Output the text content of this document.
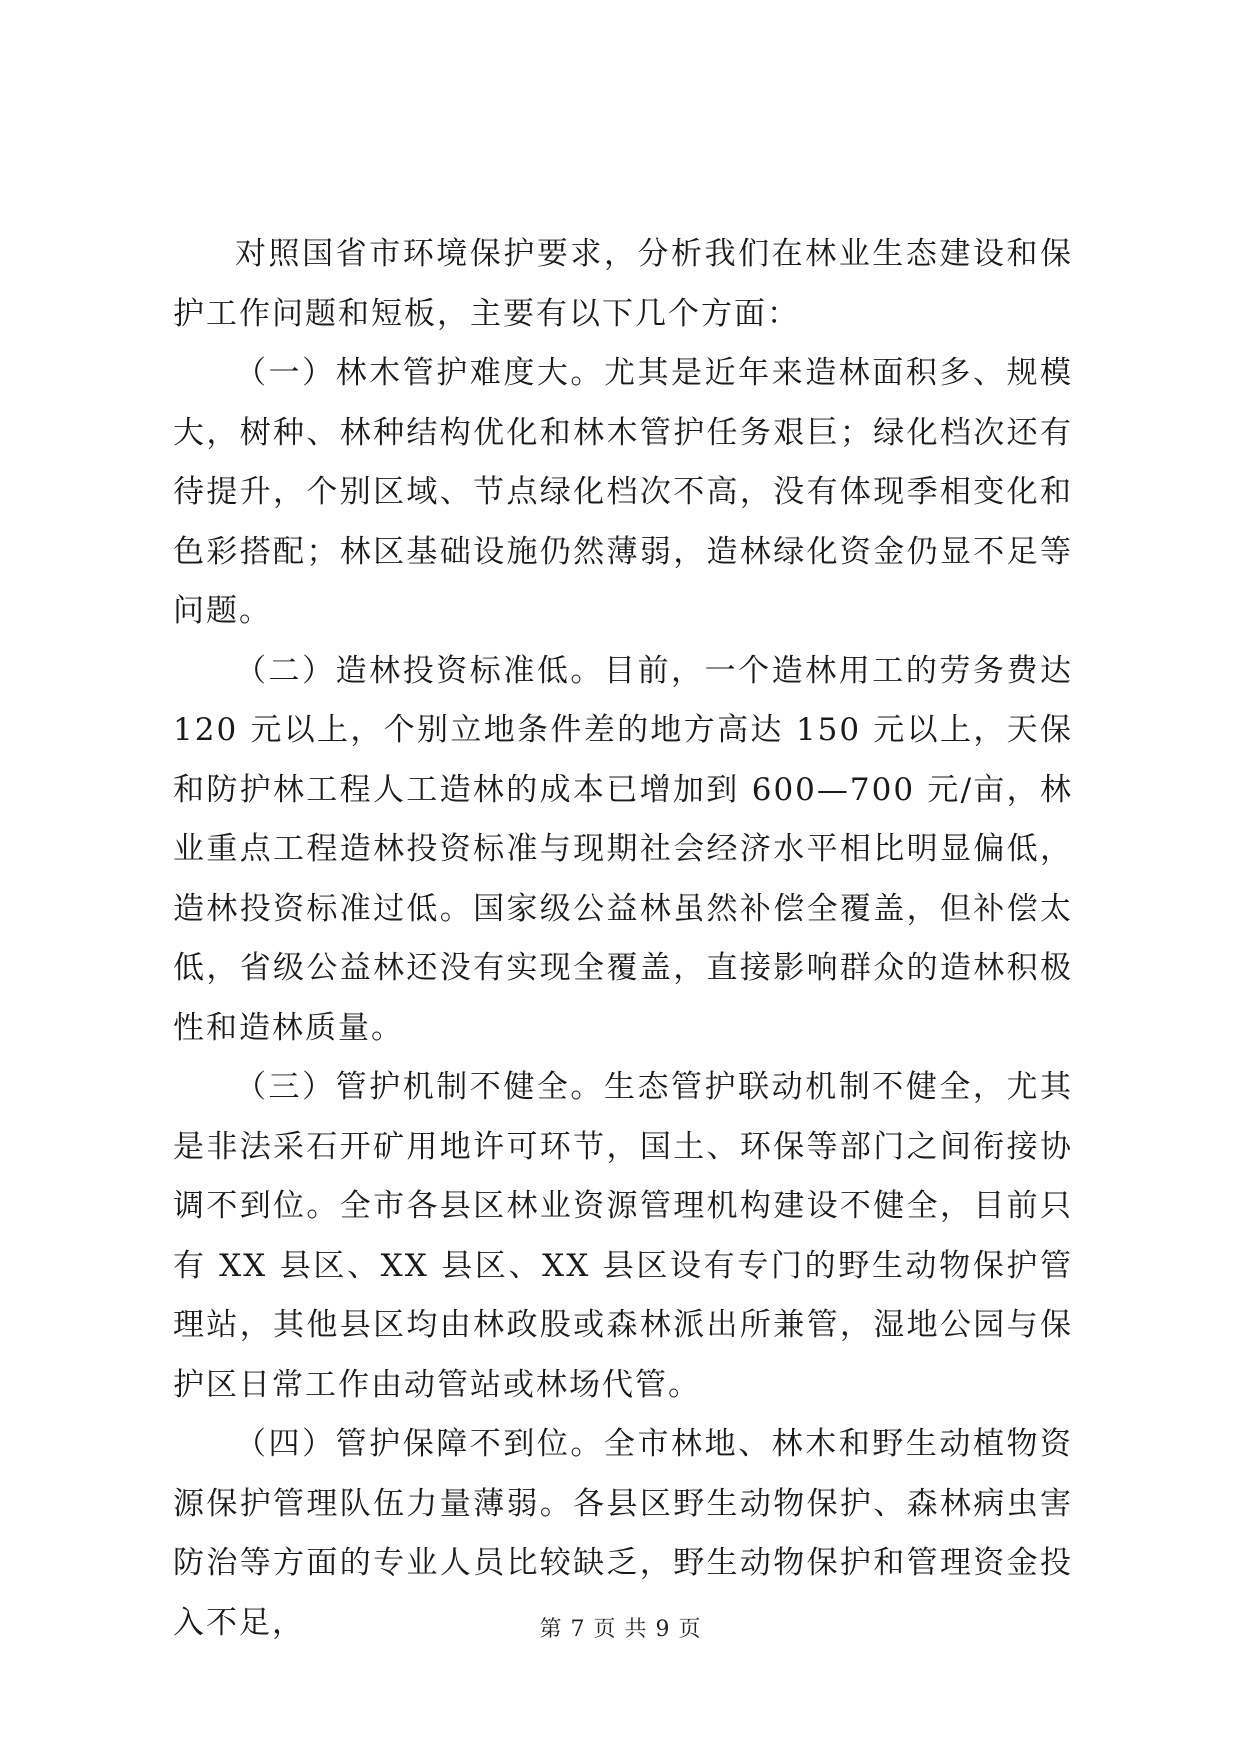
对照国省市环境保护要求，分析我们在林业生态建设和保护工作问题和短板，主要有以下几个方面：

（一）林木管护难度大。尤其是近年来造林面积多、规模大，树种、林种结构优化和林木管护任务艰巨；绿化档次还有待提升，个别区域、节点绿化档次不高，没有体现季相变化和色彩搭配；林区基础设施仍然薄弱，造林绿化资金仍显不足等问题。

（二）造林投资标准低。目前，一个造林用工的劳务费达 120 元以上，个别立地条件差的地方高达 150 元以上，天保和防护林工程人工造林的成本已增加到 600—700 元/亩，林业重点工程造林投资标准与现期社会经济水平相比明显偏低，造林投资标准过低。国家级公益林虽然补偿全覆盖，但补偿太低，省级公益林还没有实现全覆盖，直接影响群众的造林积极性和造林质量。

（三）管护机制不健全。生态管护联动机制不健全，尤其是非法采石开矿用地许可环节，国土、环保等部门之间衔接协调不到位。全市各县区林业资源管理机构建设不健全，目前只有 XX 县区、XX 县区、XX 县区设有专门的野生动物保护管理站，其他县区均由林政股或森林派出所兼管，湿地公园与保护区日常工作由动管站或林场代管。

（四）管护保障不到位。全市林地、林木和野生动植物资源保护管理队伍力量薄弱。各县区野生动物保护、森林病虫害防治等方面的专业人员比较缺乏，野生动物保护和管理资金投入不足，	第 7 页 共 9 页
